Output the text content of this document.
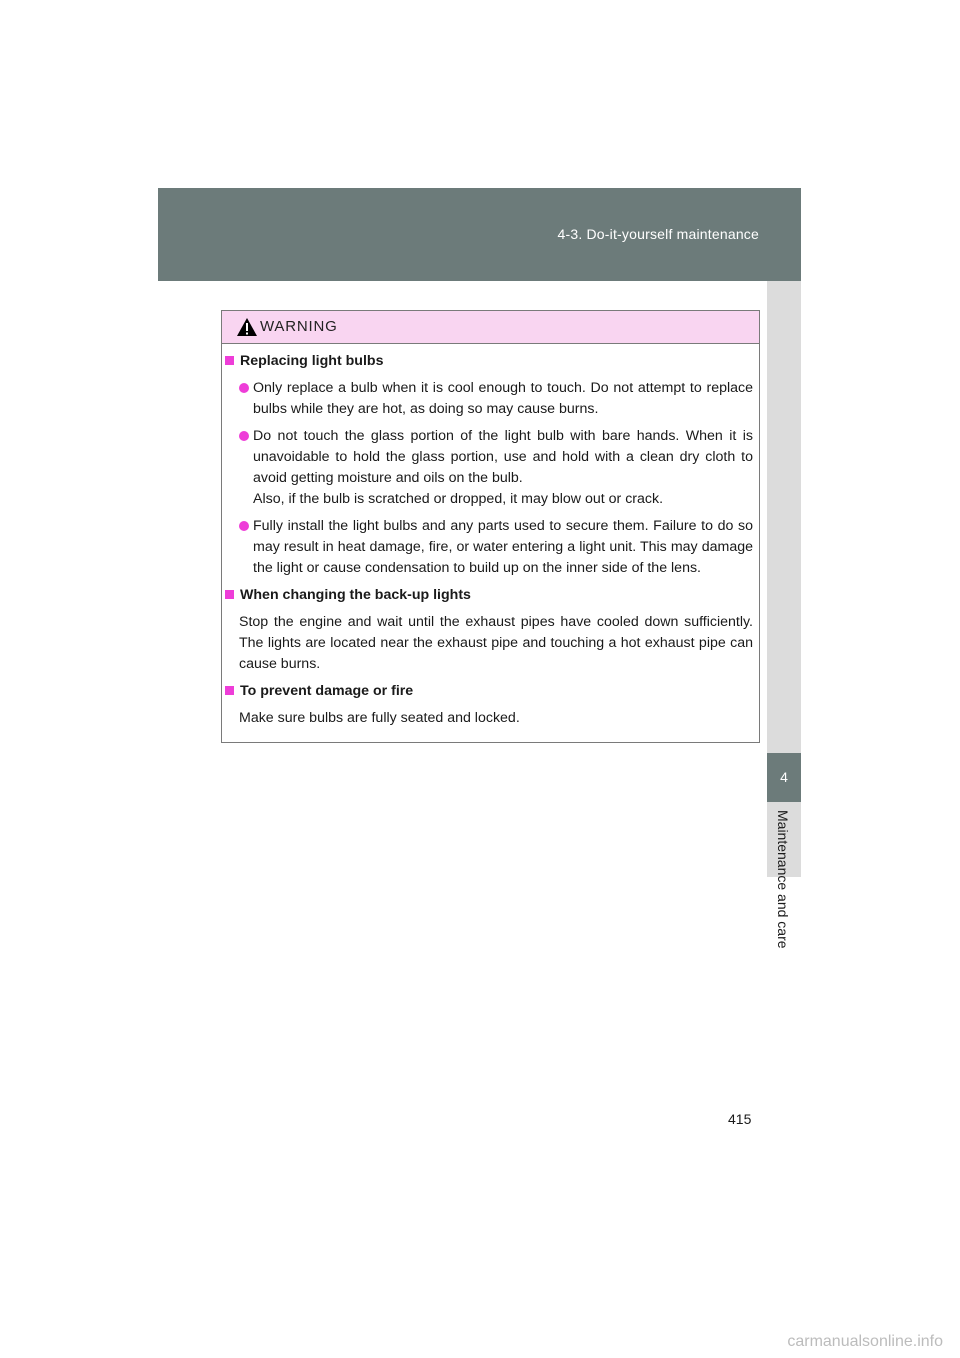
4-3. Do-it-yourself maintenance
4
Maintenance and care
WARNING
Replacing light bulbs
Only replace a bulb when it is cool enough to touch. Do not attempt to replace bulbs while they are hot, as doing so may cause burns.
Do not touch the glass portion of the light bulb with bare hands. When it is unavoidable to hold the glass portion, use and hold with a clean dry cloth to avoid getting moisture and oils on the bulb.
Also, if the bulb is scratched or dropped, it may blow out or crack.
Fully install the light bulbs and any parts used to secure them. Failure to do so may result in heat damage, fire, or water entering a light unit. This may damage the light or cause condensation to build up on the inner side of the lens.
When changing the back-up lights
Stop the engine and wait until the exhaust pipes have cooled down sufficiently. The lights are located near the exhaust pipe and touching a hot exhaust pipe can cause burns.
To prevent damage or fire
Make sure bulbs are fully seated and locked.
415
carmanualsonline.info
